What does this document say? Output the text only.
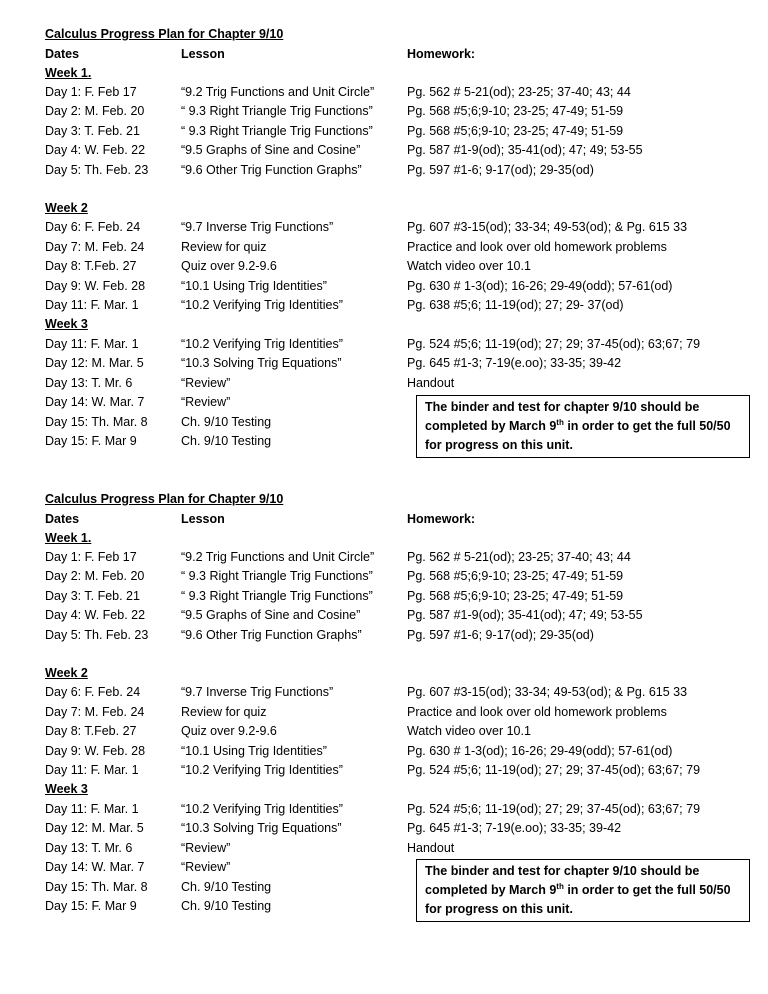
Calculus Progress Plan for Chapter 9/10
Dates	Lesson	Homework:
Week 1.
Day 1: F. Feb 17	“9.2 Trig Functions and Unit Circle”	Pg. 562 # 5-21(od); 23-25; 37-40; 43; 44
Day 2: M. Feb. 20	“ 9.3 Right Triangle Trig Functions”	Pg. 568 #5;6;9-10; 23-25; 47-49; 51-59
Day 3: T. Feb. 21	“ 9.3 Right Triangle Trig Functions”	Pg. 568 #5;6;9-10; 23-25; 47-49; 51-59
Day 4: W. Feb. 22	“9.5 Graphs of Sine and Cosine”	Pg. 587 #1-9(od); 35-41(od); 47; 49; 53-55
Day 5: Th. Feb. 23	“9.6 Other Trig Function Graphs”	Pg. 597 #1-6; 9-17(od); 29-35(od)
Week 2
Day 6: F. Feb. 24	“9.7 Inverse Trig Functions”	Pg. 607 #3-15(od); 33-34; 49-53(od); & Pg. 615 33
Day 7: M. Feb. 24	Review for quiz	Practice and look over old homework problems
Day 8: T.Feb. 27	Quiz over 9.2-9.6	Watch video over 10.1
Day 9: W. Feb. 28	“10.1 Using Trig Identities”	Pg. 630 # 1-3(od); 16-26; 29-49(odd); 57-61(od)
Day 11: F. Mar. 1	“10.2 Verifying Trig Identities”	Pg. 638 #5;6; 11-19(od); 27; 29- 37(od)
Week 3
Day 11: F. Mar. 1	“10.2 Verifying Trig Identities”	Pg. 524 #5;6; 11-19(od); 27; 29; 37-45(od); 63;67; 79
Day 12: M. Mar. 5	“10.3 Solving Trig Equations”	Pg. 645 #1-3; 7-19(e.oo); 33-35; 39-42
Day 13: T. Mr. 6	“Review”	Handout
Day 14: W. Mar. 7	“Review”
Day 15: Th. Mar. 8	Ch. 9/10 Testing
Day 15: F. Mar 9	Ch. 9/10 Testing
The binder and test for chapter 9/10 should be completed by March 9th in order to get the full 50/50 for progress on this unit.
Calculus Progress Plan for Chapter 9/10
Dates	Lesson	Homework:
Week 1.
Day 1: F. Feb 17	“9.2 Trig Functions and Unit Circle”	Pg. 562 # 5-21(od); 23-25; 37-40; 43; 44
Day 2: M. Feb. 20	“ 9.3 Right Triangle Trig Functions”	Pg. 568 #5;6;9-10; 23-25; 47-49; 51-59
Day 3: T. Feb. 21	“ 9.3 Right Triangle Trig Functions”	Pg. 568 #5;6;9-10; 23-25; 47-49; 51-59
Day 4: W. Feb. 22	“9.5 Graphs of Sine and Cosine”	Pg. 587 #1-9(od); 35-41(od); 47; 49; 53-55
Day 5: Th. Feb. 23	“9.6 Other Trig Function Graphs”	Pg. 597 #1-6; 9-17(od); 29-35(od)
Week 2
Day 6: F. Feb. 24	“9.7 Inverse Trig Functions”	Pg. 607 #3-15(od); 33-34; 49-53(od); & Pg. 615 33
Day 7: M. Feb. 24	Review for quiz	Practice and look over old homework problems
Day 8: T.Feb. 27	Quiz over 9.2-9.6	Watch video over 10.1
Day 9: W. Feb. 28	“10.1 Using Trig Identities”	Pg. 630 # 1-3(od); 16-26; 29-49(odd); 57-61(od)
Day 11: F. Mar. 1	“10.2 Verifying Trig Identities”	Pg. 524 #5;6; 11-19(od); 27; 29; 37-45(od); 63;67; 79
Week 3
Day 11: F. Mar. 1	“10.2 Verifying Trig Identities”	Pg. 524 #5;6; 11-19(od); 27; 29; 37-45(od); 63;67; 79
Day 12: M. Mar. 5	“10.3 Solving Trig Equations”	Pg. 645 #1-3; 7-19(e.oo); 33-35; 39-42
Day 13: T. Mr. 6	“Review”	Handout
Day 14: W. Mar. 7	“Review”
Day 15: Th. Mar. 8	Ch. 9/10 Testing
Day 15: F. Mar 9	Ch. 9/10 Testing
The binder and test for chapter 9/10 should be completed by March 9th in order to get the full 50/50 for progress on this unit.
